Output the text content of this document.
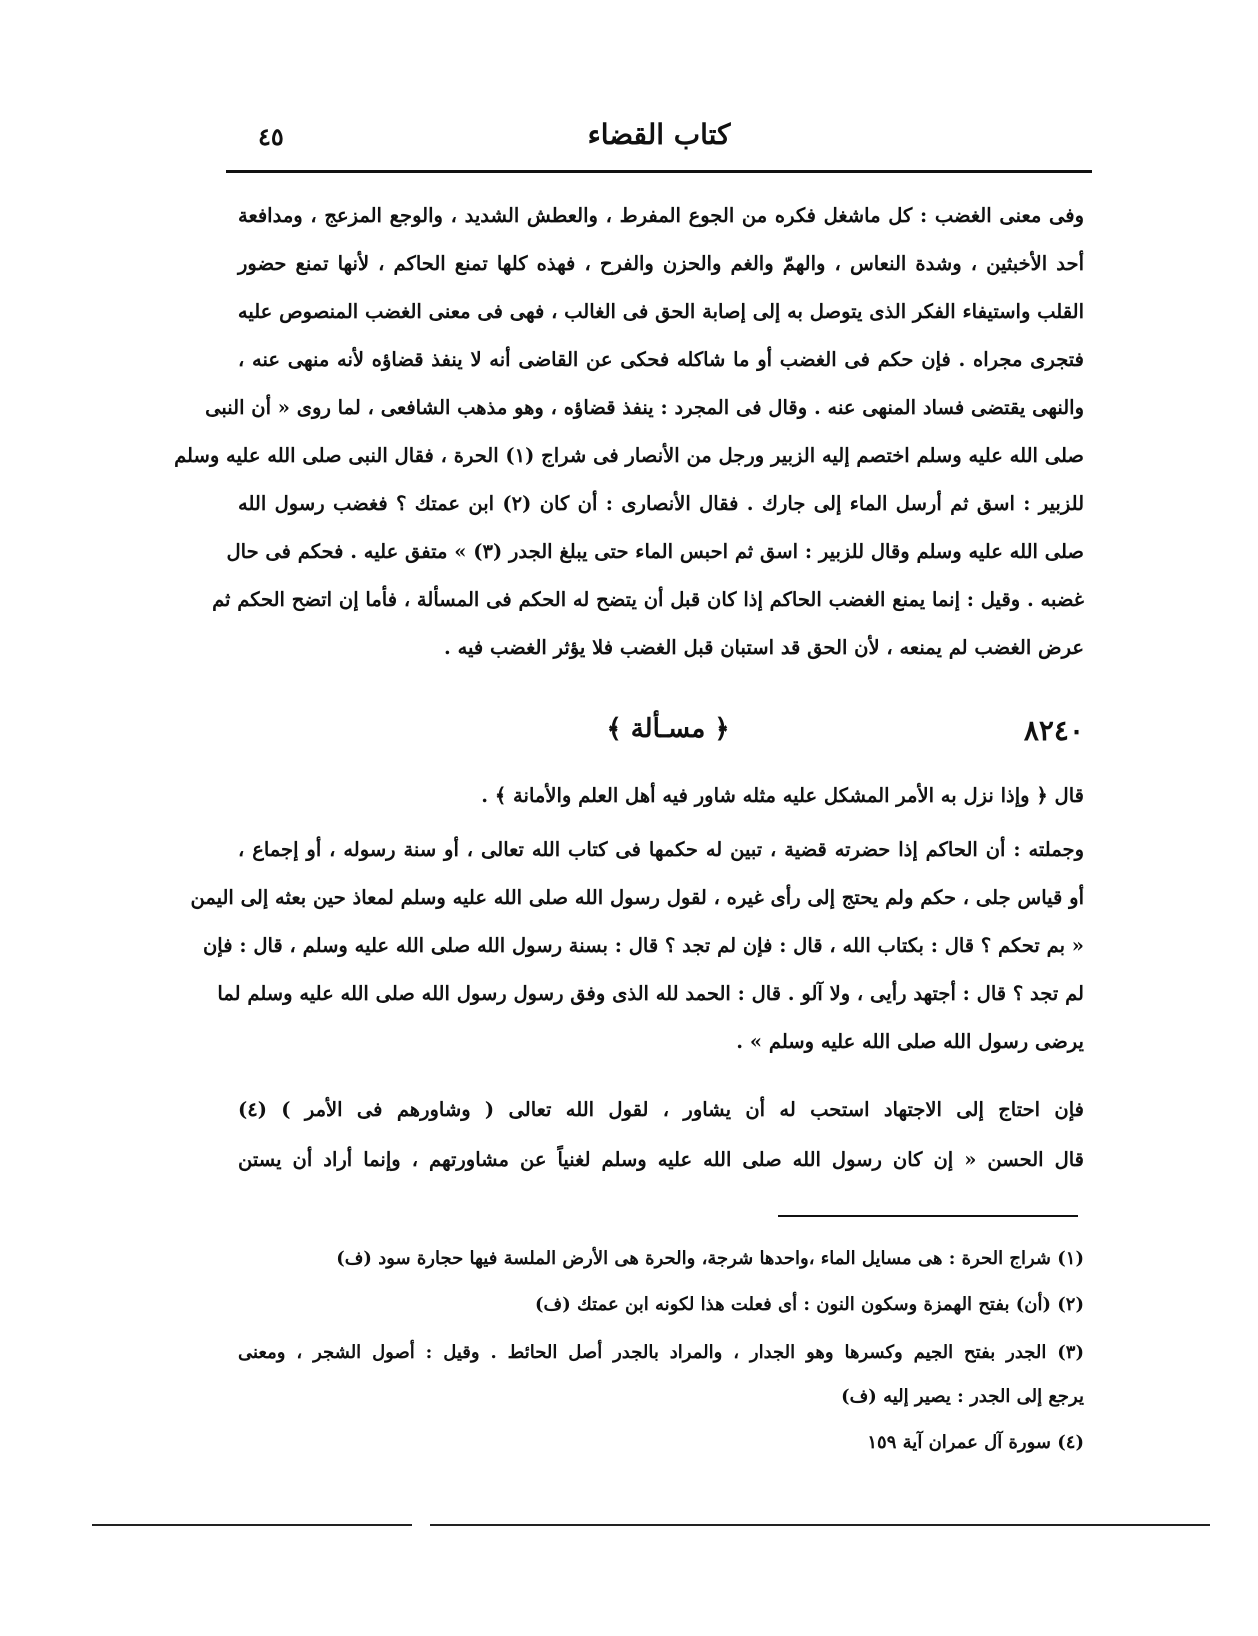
٤٥	كتاب القضاء
وفى معنى الغضب : كل ماشغل فكره من الجوع المفرط ، والعطش الشديد ، والوجع المزعج ، ومدافعة
أحد الأخبثين ، وشدة النعاس ، والهمّ والغم والحزن والفرح ، فهذه كلها تمنع الحاكم ، لأنها تمنع حضور
القلب واستيفاء الفكر الذى يتوصل به إلى إصابة الحق فى الغالب ، فهى فى معنى الغضب المنصوص عليه
فتجرى مجراه . فإن حكم فى الغضب أو ما شاكله فحكى عن القاضى أنه لا ينفذ قضاؤه لأنه منهى عنه ،
والنهى يقتضى فساد المنهى عنه . وقال فى المجرد : ينفذ قضاؤه ، وهو مذهب الشافعى ، لما روى « أن النبى
صلى الله عليه وسلم اختصم إليه الزبير ورجل من الأنصار فى شراج (١) الحرة ، فقال النبى صلى الله عليه وسلم
للزبير : اسق ثم أرسل الماء إلى جارك . فقال الأنصارى : أن كان (٢) ابن عمتك ؟ فغضب رسول الله
صلى الله عليه وسلم وقال للزبير : اسق ثم احبس الماء حتى يبلغ الجدر (٣) » متفق عليه . فحكم فى حال
غضبه . وقيل : إنما يمنع الغضب الحاكم إذا كان قبل أن يتضح له الحكم فى المسألة ، فأما إن اتضح الحكم ثم
عرض الغضب لم يمنعه ، لأن الحق قد استبان قبل الغضب فلا يؤثر الغضب فيه .
٨٢٤٠
﴿ مسـألة ﴾
قال ﴿ وإذا نزل به الأمر المشكل عليه مثله شاور فيه أهل العلم والأمانة ﴾ .
وجملته : أن الحاكم إذا حضرته قضية ، تبين له حكمها فى كتاب الله تعالى ، أو سنة رسوله ، أو إجماع ،
أو قياس جلى ، حكم ولم يحتج إلى رأى غيره ، لقول رسول الله صلى الله عليه وسلم لمعاذ حين بعثه إلى اليمن
« بم تحكم ؟ قال : بكتاب الله ، قال : فإن لم تجد ؟ قال : بسنة رسول الله صلى الله عليه وسلم ، قال : فإن
لم تجد ؟ قال : أجتهد رأيى ، ولا آلو . قال : الحمد لله الذى وفق رسول رسول الله صلى الله عليه وسلم لما
يرضى رسول الله صلى الله عليه وسلم » .
فإن احتاج إلى الاجتهاد استحب له أن يشاور ، لقول الله تعالى ( وشاورهم فى الأمر ) (٤)
قال الحسن « إن كان رسول الله صلى الله عليه وسلم لغنياً عن مشاورتهم ، وإنما أراد أن يستن
(١) شراج الحرة : هى مسايل الماء ،واحدها شرجة، والحرة هى الأرض الملسة فيها حجارة سود (ف)
(٢) (أن) بفتح الهمزة وسكون النون : أى فعلت هذا لكونه ابن عمتك (ف)
(٣) الجدر بفتح الجيم وكسرها وهو الجدار ، والمراد بالجدر أصل الحائط . وقيل : أصول الشجر ، ومعنى
يرجع إلى الجدر : يصير إليه (ف)
(٤) سورة آل عمران آية ١٥٩
